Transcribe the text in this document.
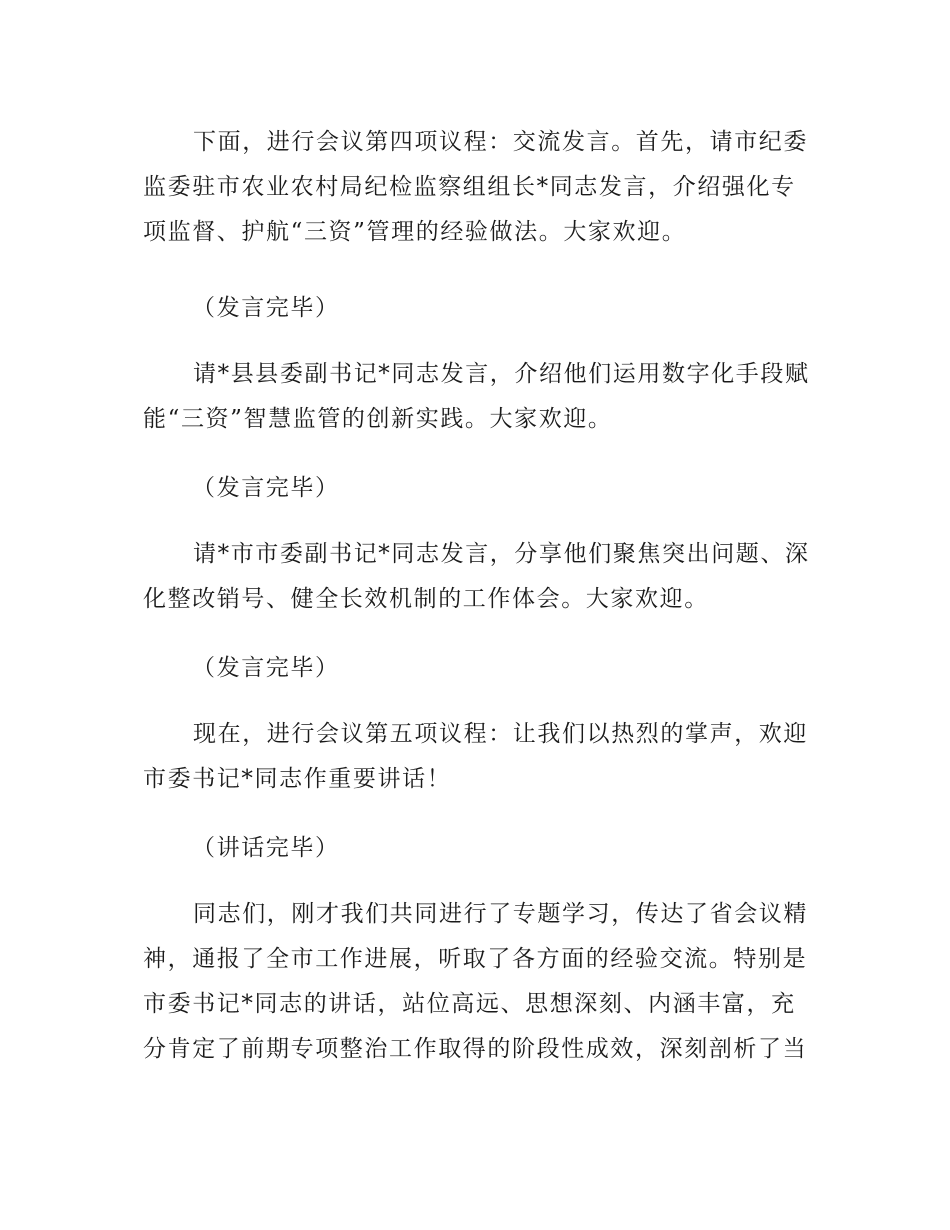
下面，进行会议第四项议程：交流发言。首先，请市纪委
监委驻市农业农村局纪检监察组组长*同志发言，介绍强化专
项监督、护航“三资”管理的经验做法。大家欢迎。

（发言完毕）

请*县县委副书记*同志发言，介绍他们运用数字化手段赋
能“三资”智慧监管的创新实践。大家欢迎。

（发言完毕）

请*市市委副书记*同志发言，分享他们聚焦突出问题、深
化整改销号、健全长效机制的工作体会。大家欢迎。

（发言完毕）

现在，进行会议第五项议程：让我们以热烈的掌声，欢迎
市委书记*同志作重要讲话！

（讲话完毕）

同志们，刚才我们共同进行了专题学习，传达了省会议精
神，通报了全市工作进展，听取了各方面的经验交流。特别是
市委书记*同志的讲话，站位高远、思想深刻、内涵丰富，充
分肯定了前期专项整治工作取得的阶段性成效，深刻剖析了当
